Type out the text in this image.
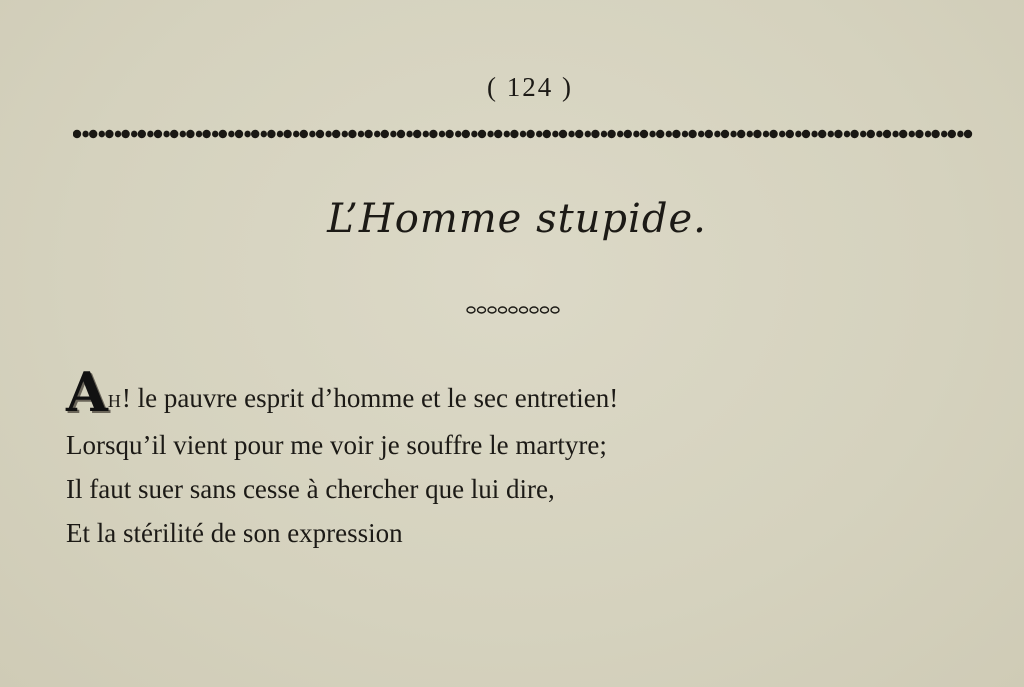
( 124 )
L’Homme stupide.
AH! le pauvre esprit d’homme et le sec entretien!
Lorsqu’il vient pour me voir je souffre le martyre;
Il faut suer sans cesse à chercher que lui dire,
Et la stérilité de son expression
